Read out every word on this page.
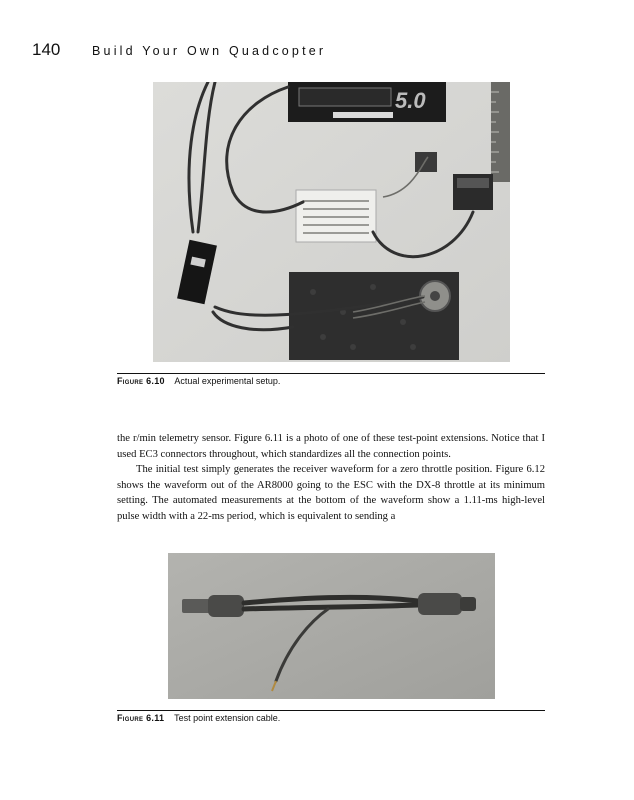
140	Build Your Own Quadcopter
5.0
Figure 6.10 Actual experimental setup.

the r/min telemetry sensor. Figure 6.11 is a photo of one of these test-point extensions. Notice that I used EC3 connectors throughout, which standardizes all the connection points.

The initial test simply generates the receiver waveform for a zero throttle position. Figure 6.12 shows the waveform out of the AR8000 going to the ESC with the DX-8 throttle at its minimum setting. The automated measurements at the bottom of the waveform show a 1.11-ms high-level pulse width with a 22-ms period, which is equivalent to sending a

Figure 6.11 Test point extension cable.
